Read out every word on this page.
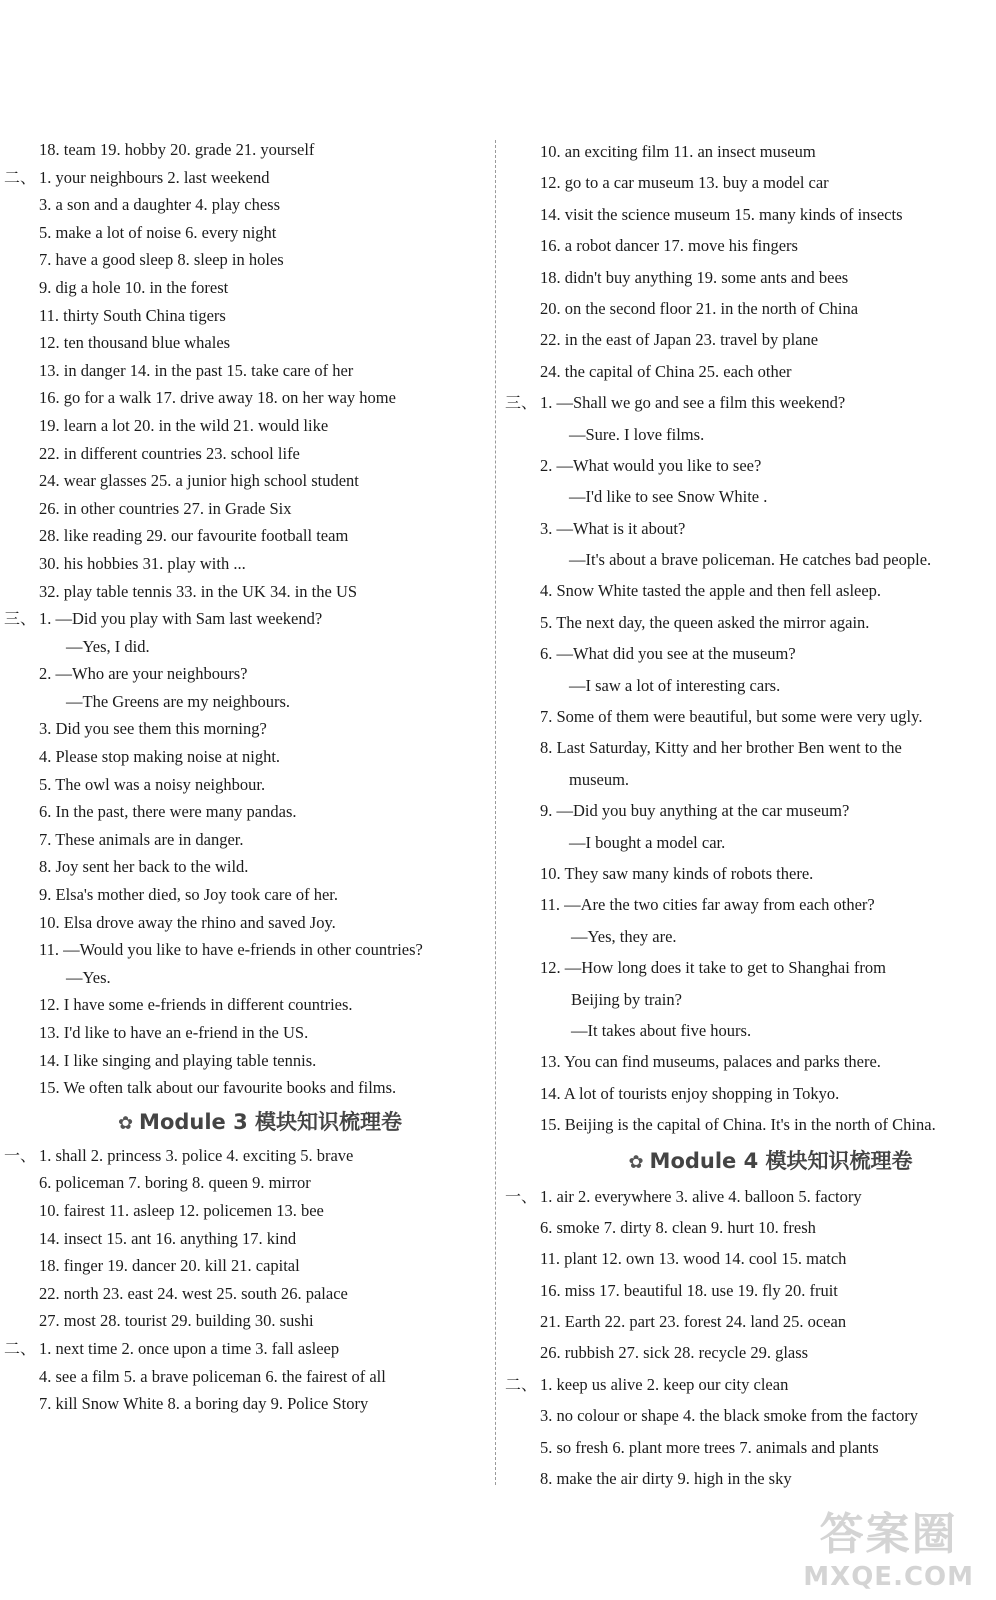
18. team 19. hobby 20. grade 21. yourself
二、 1. your neighbours 2. last weekend
3. a son and a daughter 4. play chess
5. make a lot of noise 6. every night
7. have a good sleep 8. sleep in holes
9. dig a hole 10. in the forest
11. thirty South China tigers
12. ten thousand blue whales
13. in danger 14. in the past 15. take care of her
16. go for a walk 17. drive away 18. on her way home
19. learn a lot 20. in the wild 21. would like
22. in different countries 23. school life
24. wear glasses 25. a junior high school student
26. in other countries 27. in Grade Six
28. like reading 29. our favourite football team
30. his hobbies 31. play with ...
32. play table tennis 33. in the UK 34. in the US
三、 1. —Did you play with Sam last weekend?
—Yes, I did.
2. —Who are your neighbours?
—The Greens are my neighbours.
3. Did you see them this morning?
4. Please stop making noise at night.
5. The owl was a noisy neighbour.
6. In the past, there were many pandas.
7. These animals are in danger.
8. Joy sent her back to the wild.
9. Elsa's mother died, so Joy took care of her.
10. Elsa drove away the rhino and saved Joy.
11. —Would you like to have e-friends in other countries?
—Yes.
12. I have some e-friends in different countries.
13. I'd like to have an e-friend in the US.
14. I like singing and playing table tennis.
15. We often talk about our favourite books and films.
✿ Module 3 模块知识梳理卷
一、 1. shall 2. princess 3. police 4. exciting 5. brave
6. policeman 7. boring 8. queen 9. mirror
10. fairest 11. asleep 12. policemen 13. bee
14. insect 15. ant 16. anything 17. kind
18. finger 19. dancer 20. kill 21. capital
22. north 23. east 24. west 25. south 26. palace
27. most 28. tourist 29. building 30. sushi
二、 1. next time 2. once upon a time 3. fall asleep
4. see a film 5. a brave policeman 6. the fairest of all
7. kill Snow White 8. a boring day 9. Police Story
10. an exciting film 11. an insect museum
12. go to a car museum 13. buy a model car
14. visit the science museum 15. many kinds of insects
16. a robot dancer 17. move his fingers
18. didn't buy anything 19. some ants and bees
20. on the second floor 21. in the north of China
22. in the east of Japan 23. travel by plane
24. the capital of China 25. each other
三、 1. —Shall we go and see a film this weekend?
—Sure. I love films.
2. —What would you like to see?
—I'd like to see Snow White .
3. —What is it about?
—It's about a brave policeman. He catches bad people.
4. Snow White tasted the apple and then fell asleep.
5. The next day, the queen asked the mirror again.
6. —What did you see at the museum?
—I saw a lot of interesting cars.
7. Some of them were beautiful, but some were very ugly.
8. Last Saturday, Kitty and her brother Ben went to the
museum.
9. —Did you buy anything at the car museum?
—I bought a model car.
10. They saw many kinds of robots there.
11. —Are the two cities far away from each other?
—Yes, they are.
12. —How long does it take to get to Shanghai from
Beijing by train?
—It takes about five hours.
13. You can find museums, palaces and parks there.
14. A lot of tourists enjoy shopping in Tokyo.
15. Beijing is the capital of China. It's in the north of China.
✿ Module 4 模块知识梳理卷
一、 1. air 2. everywhere 3. alive 4. balloon 5. factory
6. smoke 7. dirty 8. clean 9. hurt 10. fresh
11. plant 12. own 13. wood 14. cool 15. match
16. miss 17. beautiful 18. use 19. fly 20. fruit
21. Earth 22. part 23. forest 24. land 25. ocean
26. rubbish 27. sick 28. recycle 29. glass
二、 1. keep us alive 2. keep our city clean
3. no colour or shape 4. the black smoke from the factory
5. so fresh 6. plant more trees 7. animals and plants
8. make the air dirty 9. high in the sky
答案圈
MXQE.COM
